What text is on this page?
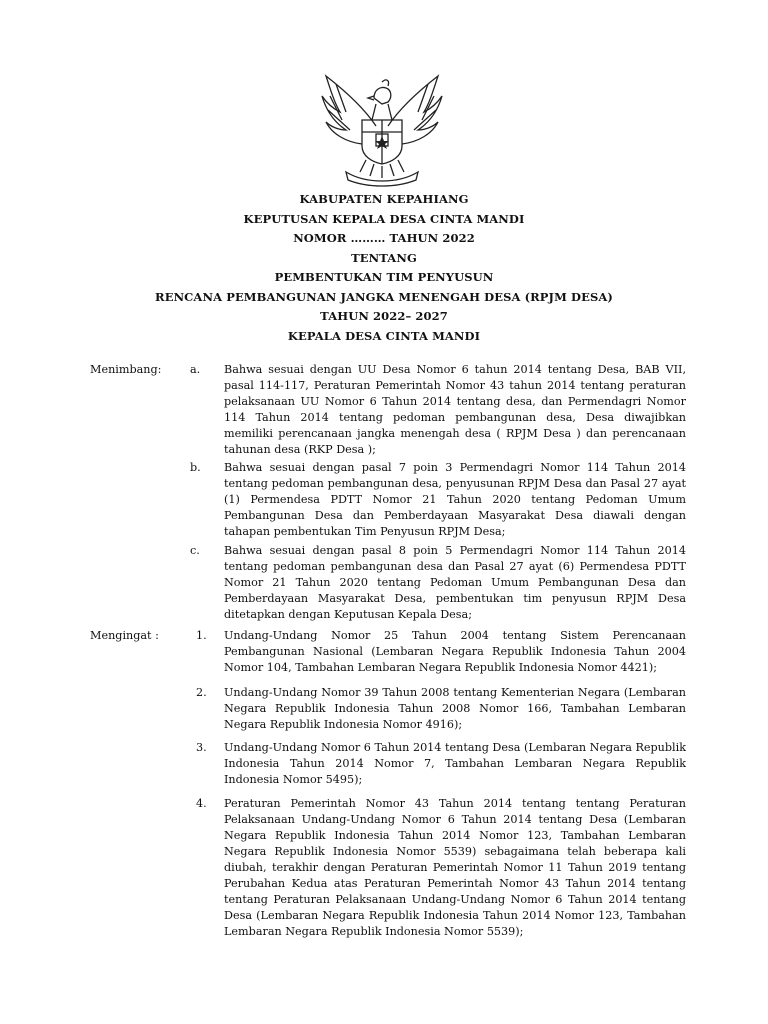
KABUPATEN KEPAHIANG
KEPUTUSAN KEPALA DESA CINTA MANDI
NOMOR ……… TAHUN 2022
TENTANG
PEMBENTUKAN TIM PENYUSUN
RENCANA PEMBANGUNAN JANGKA MENENGAH DESA (RPJM DESA)
TAHUN 2022– 2027
KEPALA DESA CINTA MANDI
Menimbang:	a. Bahwa sesuai dengan UU Desa Nomor 6 tahun 2014 tentang Desa, BAB VII, pasal 114-117, Peraturan Pemerintah Nomor 43 tahun 2014 tentang peraturan pelaksanaan UU Nomor 6 Tahun 2014 tentang desa, dan Permendagri Nomor 114 Tahun 2014 tentang pedoman pembangunan desa, Desa diwajibkan memiliki perencanaan jangka menengah desa ( RPJM Desa ) dan perencanaan tahunan desa (RKP Desa );
b. Bahwa sesuai dengan pasal 7 poin 3 Permendagri Nomor 114 Tahun 2014 tentang pedoman pembangunan desa, penyusunan RPJM Desa dan Pasal 27 ayat (1) Permendesa PDTT Nomor 21 Tahun 2020 tentang Pedoman Umum Pembangunan Desa dan Pemberdayaan Masyarakat Desa diawali dengan tahapan pembentukan Tim Penyusun RPJM Desa;
c. Bahwa sesuai dengan pasal 8 poin 5 Permendagri Nomor 114 Tahun 2014 tentang pedoman pembangunan desa dan Pasal 27 ayat (6) Permendesa PDTT Nomor 21 Tahun 2020 tentang Pedoman Umum Pembangunan Desa dan Pemberdayaan Masyarakat Desa, pembentukan tim penyusun RPJM Desa ditetapkan dengan Keputusan Kepala Desa;
Mengingat :	1. Undang-Undang Nomor 25 Tahun 2004 tentang Sistem Perencanaan Pembangunan Nasional (Lembaran Negara Republik Indonesia Tahun 2004 Nomor 104, Tambahan Lembaran Negara Republik Indonesia Nomor 4421);
2. Undang-Undang Nomor 39 Tahun 2008 tentang Kementerian Negara (Lembaran Negara Republik Indonesia Tahun 2008 Nomor 166, Tambahan Lembaran Negara Republik Indonesia Nomor 4916);
3. Undang-Undang Nomor 6 Tahun 2014 tentang Desa (Lembaran Negara Republik Indonesia Tahun 2014 Nomor 7, Tambahan Lembaran Negara Republik Indonesia Nomor 5495);
4. Peraturan Pemerintah Nomor 43 Tahun 2014 tentang tentang Peraturan Pelaksanaan Undang-Undang Nomor 6 Tahun 2014 tentang Desa (Lembaran Negara Republik Indonesia Tahun 2014 Nomor 123, Tambahan Lembaran Negara Republik Indonesia Nomor 5539) sebagaimana telah beberapa kali diubah, terakhir dengan Peraturan Pemerintah Nomor 11 Tahun 2019 tentang Perubahan Kedua atas Peraturan Pemerintah Nomor 43 Tahun 2014 tentang tentang Peraturan Pelaksanaan Undang-Undang Nomor 6 Tahun 2014 tentang Desa (Lembaran Negara Republik Indonesia Tahun 2014 Nomor 123, Tambahan Lembaran Negara Republik Indonesia Nomor 5539);
